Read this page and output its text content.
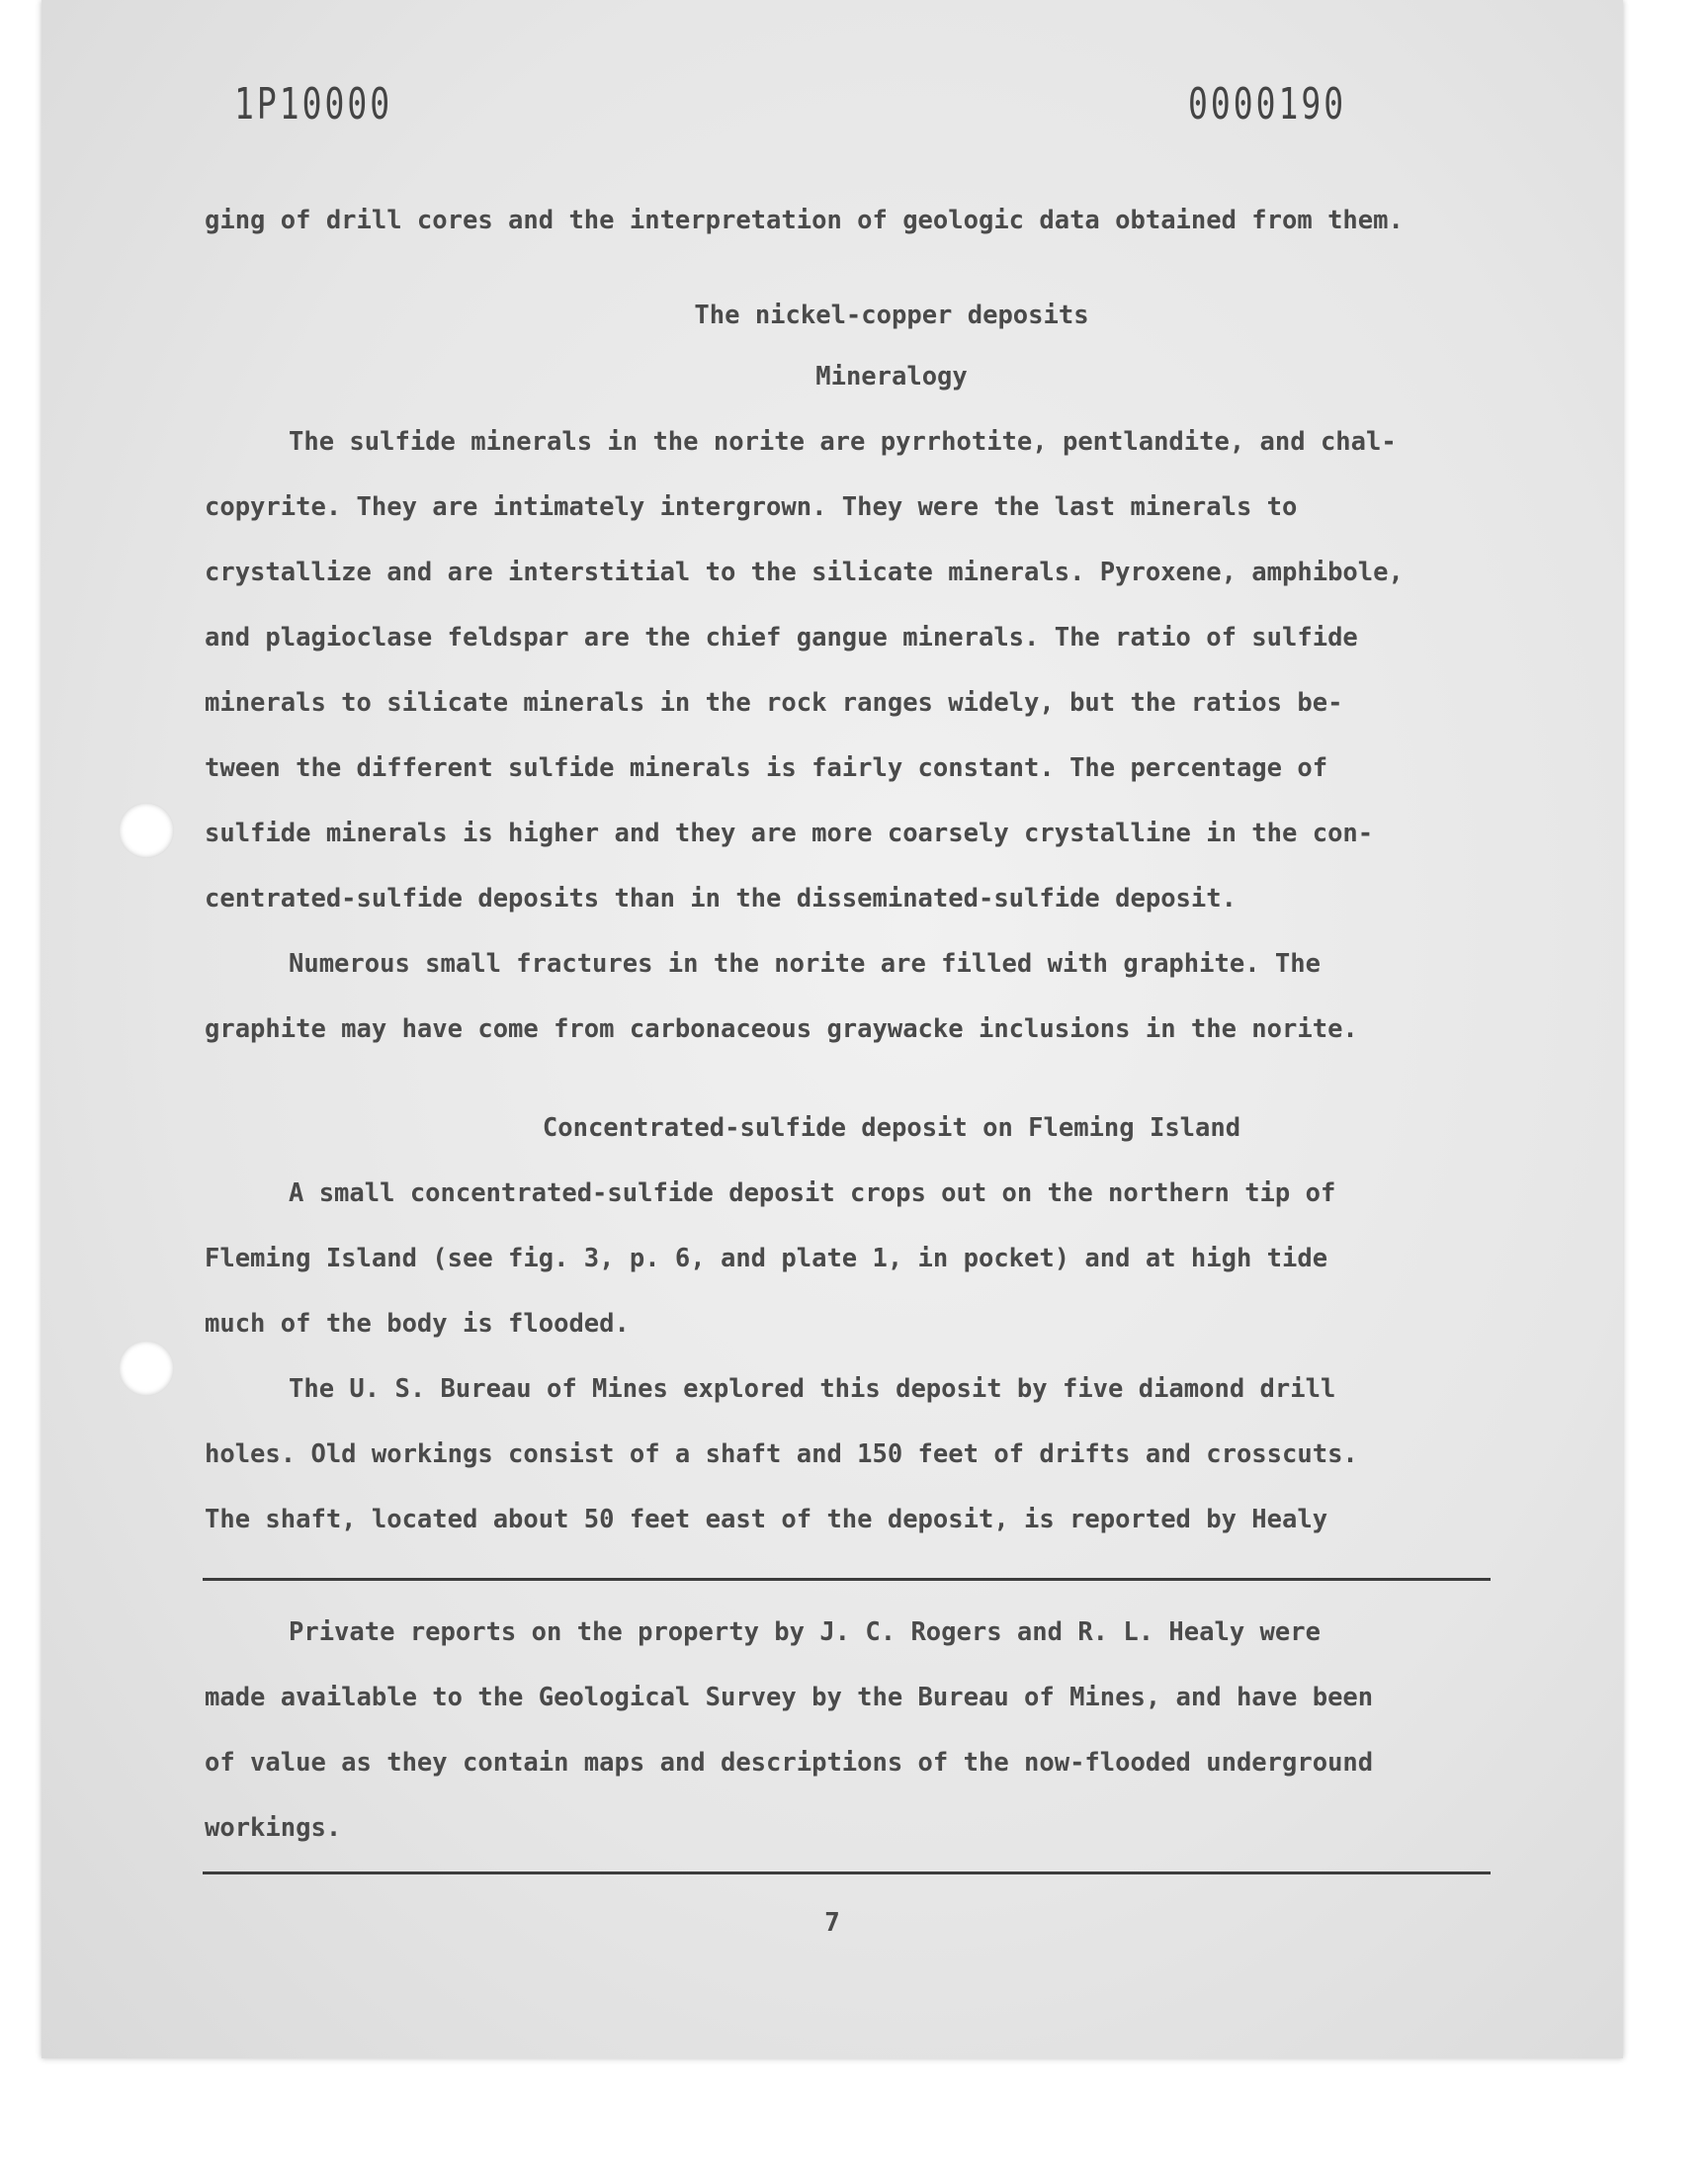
1P10000	0000190
ging of drill cores and the interpretation of geologic data obtained from them.
The nickel-copper deposits
Mineralogy
The sulfide minerals in the norite are pyrrhotite, pentlandite, and chal-
copyrite. They are intimately intergrown. They were the last minerals to
crystallize and are interstitial to the silicate minerals. Pyroxene, amphibole,
and plagioclase feldspar are the chief gangue minerals. The ratio of sulfide
minerals to silicate minerals in the rock ranges widely, but the ratios be-
tween the different sulfide minerals is fairly constant. The percentage of
sulfide minerals is higher and they are more coarsely crystalline in the con-
centrated-sulfide deposits than in the disseminated-sulfide deposit.
Numerous small fractures in the norite are filled with graphite. The
graphite may have come from carbonaceous graywacke inclusions in the norite.
Concentrated-sulfide deposit on Fleming Island
A small concentrated-sulfide deposit crops out on the northern tip of
Fleming Island (see fig. 3, p. 6, and plate 1, in pocket) and at high tide
much of the body is flooded.
The U. S. Bureau of Mines explored this deposit by five diamond drill
holes. Old workings consist of a shaft and 150 feet of drifts and crosscuts.
The shaft, located about 50 feet east of the deposit, is reported by Healy
Private reports on the property by J. C. Rogers and R. L. Healy were
made available to the Geological Survey by the Bureau of Mines, and have been
of value as they contain maps and descriptions of the now-flooded underground
workings.
7
